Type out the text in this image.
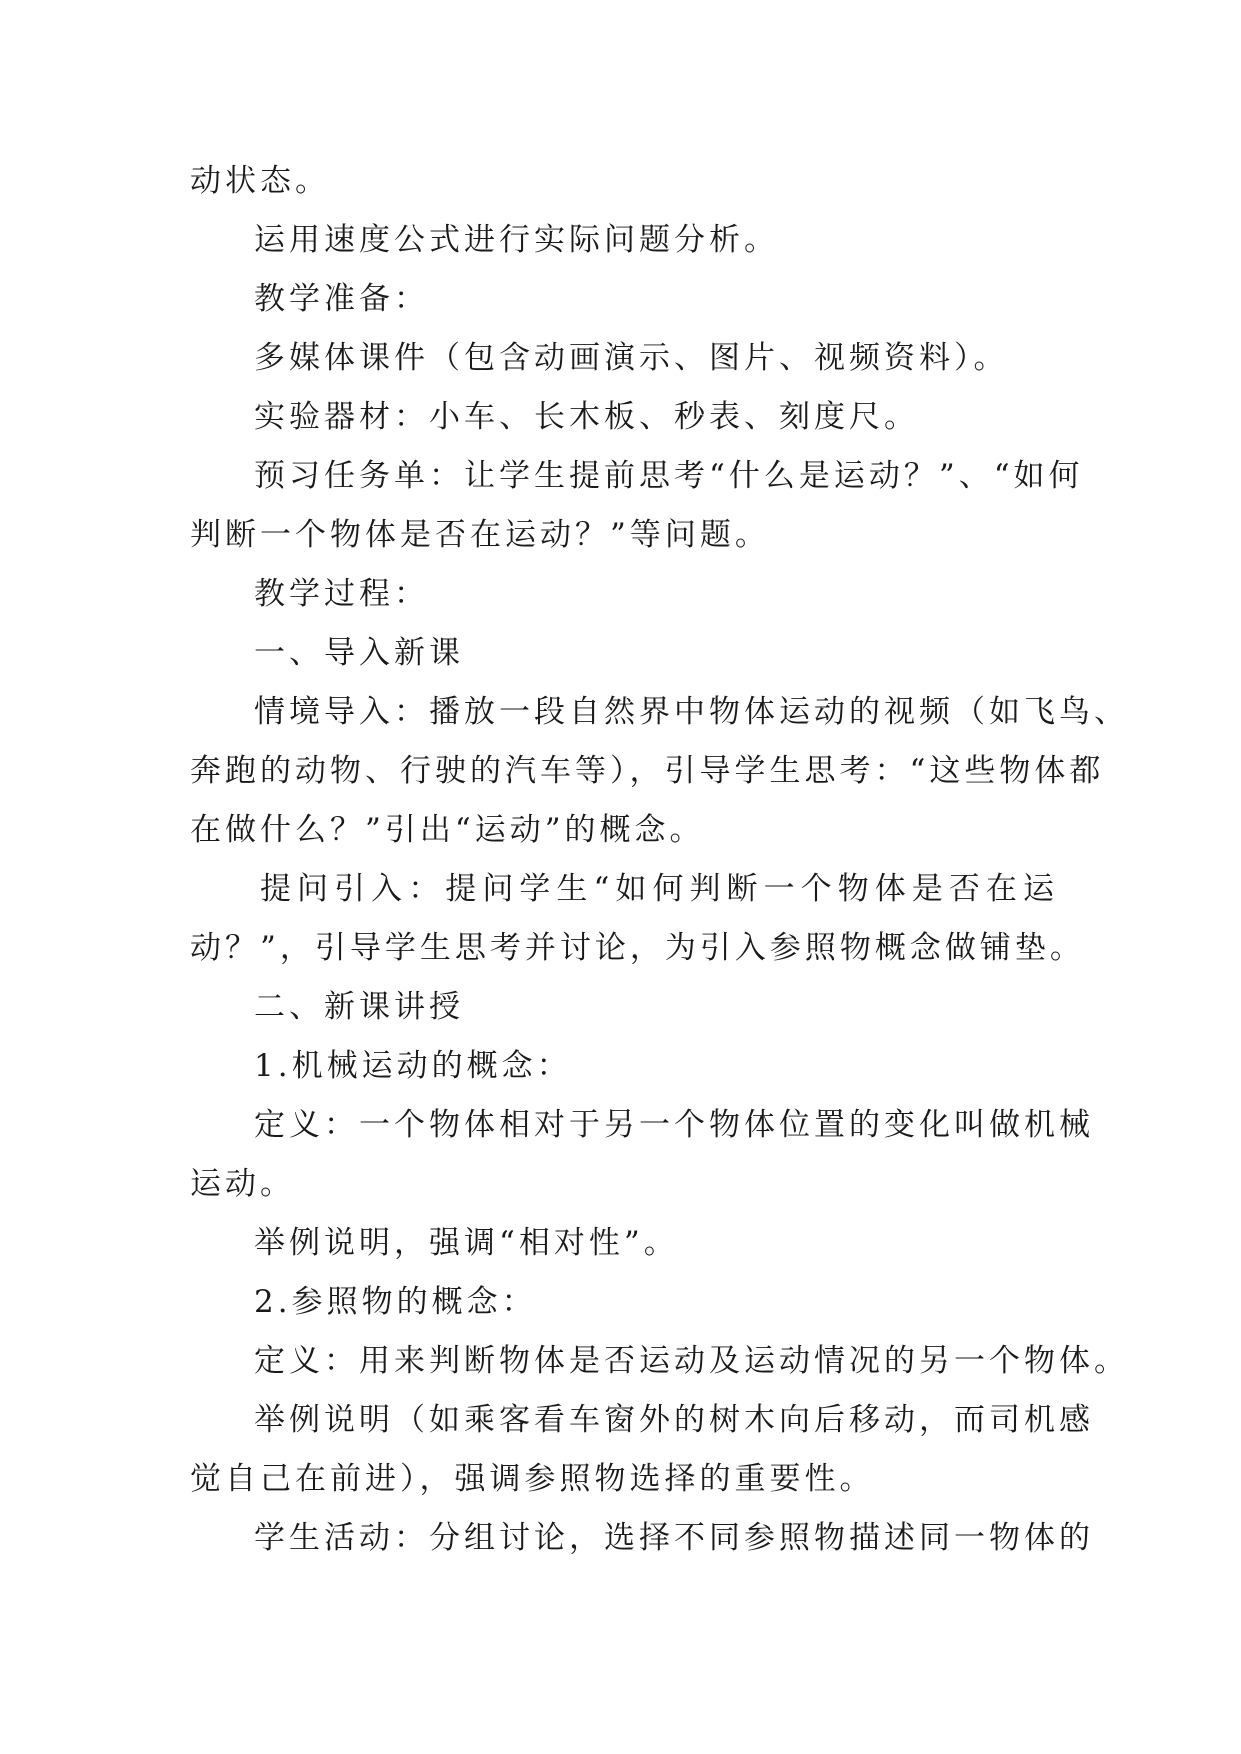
动状态。
运用速度公式进行实际问题分析。
教学准备：
多媒体课件（包含动画演示、图片、视频资料）。
实验器材：小车、长木板、秒表、刻度尺。
预习任务单：让学生提前思考“什么是运动？”、“如何
判断一个物体是否在运动？”等问题。
教学过程：
一、导入新课
情境导入：播放一段自然界中物体运动的视频（如飞鸟、
奔跑的动物、行驶的汽车等），引导学生思考：“这些物体都
在做什么？”引出“运动”的概念。
提问引入：提问学生“如何判断一个物体是否在运
动？”，引导学生思考并讨论，为引入参照物概念做铺垫。
二、新课讲授
1.机械运动的概念：
定义：一个物体相对于另一个物体位置的变化叫做机械
运动。
举例说明，强调“相对性”。
2.参照物的概念：
定义：用来判断物体是否运动及运动情况的另一个物体。
举例说明（如乘客看车窗外的树木向后移动，而司机感
觉自己在前进），强调参照物选择的重要性。
学生活动：分组讨论，选择不同参照物描述同一物体的
